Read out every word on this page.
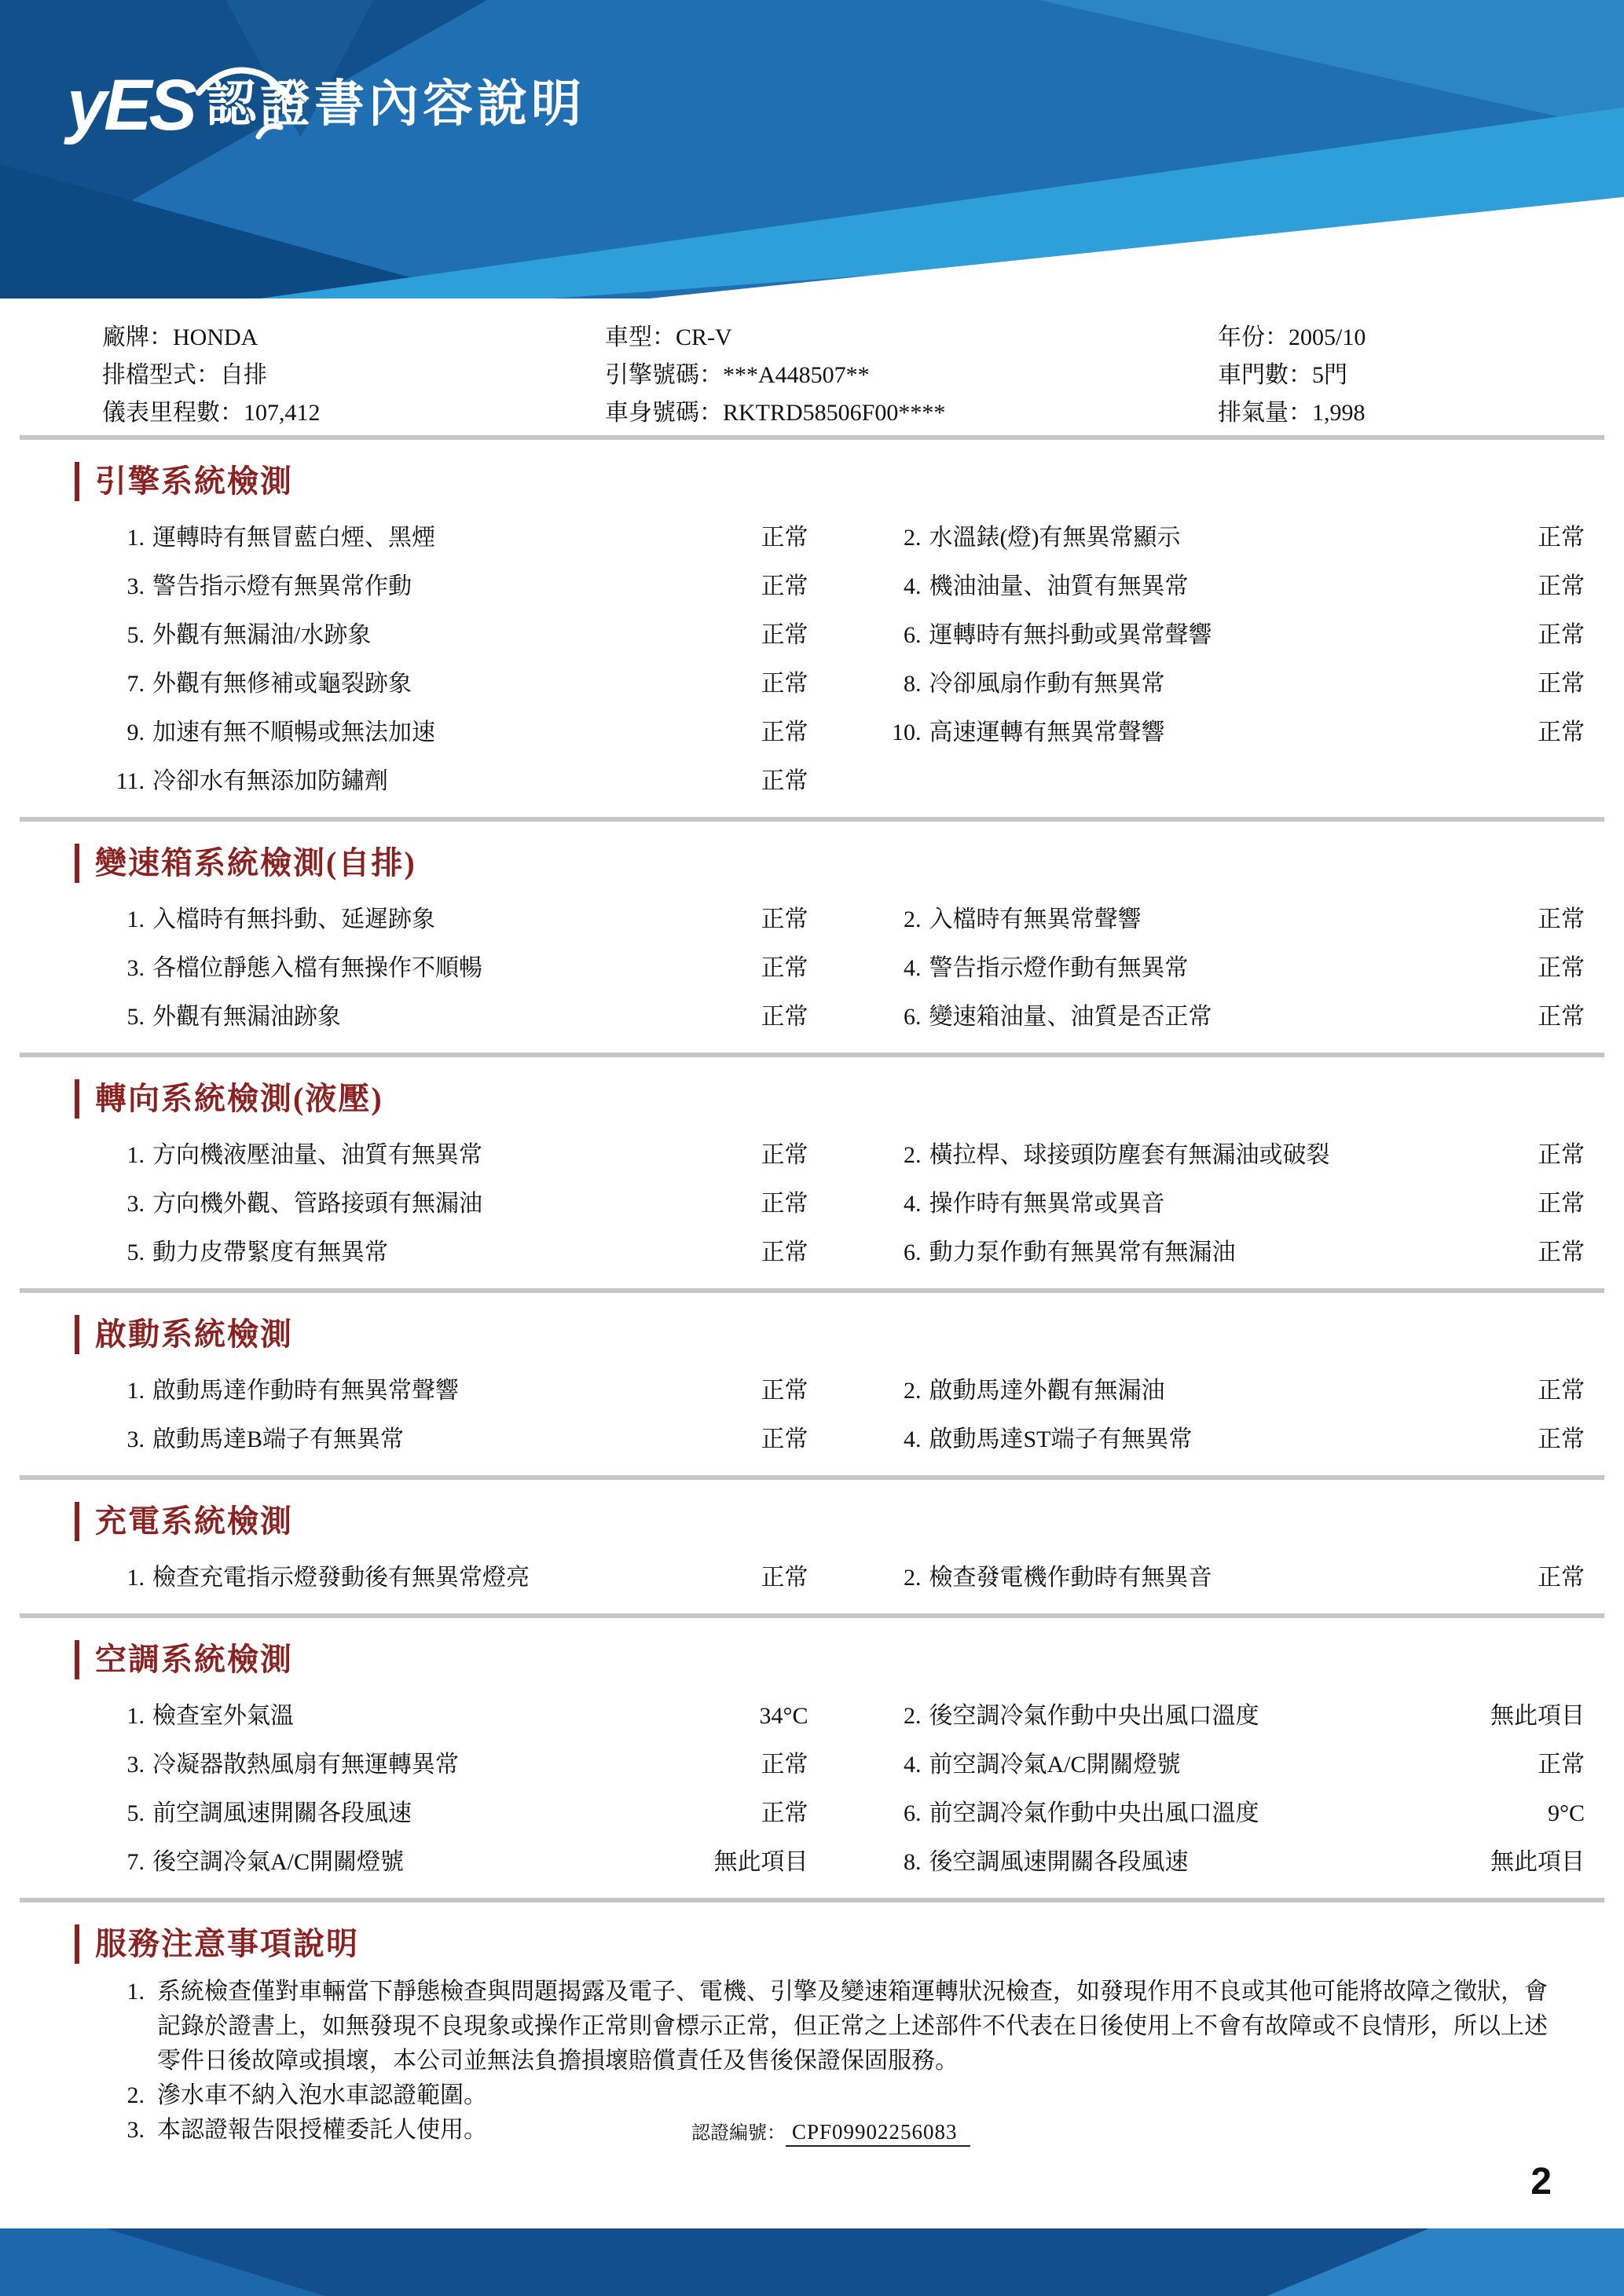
yES 認證書內容說明
廠牌：HONDA	車型：CR-V	年份：2005/10
排檔型式：自排	引擎號碼：***A448507**	車門數：5門
儀表里程數：107,412	車身號碼：RKTRD58506F00****	排氣量：1,998
引擎系統檢測
1. 運轉時有無冒藍白煙、黑煙	正常	2. 水溫錶(燈)有無異常顯示	正常
3. 警告指示燈有無異常作動	正常	4. 機油油量、油質有無異常	正常
5. 外觀有無漏油/水跡象	正常	6. 運轉時有無抖動或異常聲響	正常
7. 外觀有無修補或龜裂跡象	正常	8. 冷卻風扇作動有無異常	正常
9. 加速有無不順暢或無法加速	正常	10. 高速運轉有無異常聲響	正常
11. 冷卻水有無添加防鏽劑	正常
變速箱系統檢測(自排)
1. 入檔時有無抖動、延遲跡象	正常	2. 入檔時有無異常聲響	正常
3. 各檔位靜態入檔有無操作不順暢	正常	4. 警告指示燈作動有無異常	正常
5. 外觀有無漏油跡象	正常	6. 變速箱油量、油質是否正常	正常
轉向系統檢測(液壓)
1. 方向機液壓油量、油質有無異常	正常	2. 橫拉桿、球接頭防塵套有無漏油或破裂	正常
3. 方向機外觀、管路接頭有無漏油	正常	4. 操作時有無異常或異音	正常
5. 動力皮帶緊度有無異常	正常	6. 動力泵作動有無異常有無漏油	正常
啟動系統檢測
1. 啟動馬達作動時有無異常聲響	正常	2. 啟動馬達外觀有無漏油	正常
3. 啟動馬達B端子有無異常	正常	4. 啟動馬達ST端子有無異常	正常
充電系統檢測
1. 檢查充電指示燈發動後有無異常燈亮	正常	2. 檢查發電機作動時有無異音	正常
空調系統檢測
1. 檢查室外氣溫	34°C	2. 後空調冷氣作動中央出風口溫度	無此項目
3. 冷凝器散熱風扇有無運轉異常	正常	4. 前空調冷氣A/C開關燈號	正常
5. 前空調風速開關各段風速	正常	6. 前空調冷氣作動中央出風口溫度	9°C
7. 後空調冷氣A/C開關燈號	無此項目	8. 後空調風速開關各段風速	無此項目
服務注意事項說明
1. 系統檢查僅對車輛當下靜態檢查與問題揭露及電子、電機、引擎及變速箱運轉狀況檢查，如發現作用不良或其他可能將故障之徵狀，會記錄於證書上，如無發現不良現象或操作正常則會標示正常，但正常之上述部件不代表在日後使用上不會有故障或不良情形，所以上述零件日後故障或損壞，本公司並無法負擔損壞賠償責任及售後保證保固服務。
2. 滲水車不納入泡水車認證範圍。
3. 本認證報告限授權委託人使用。	認證編號： CPF09902256083
2
